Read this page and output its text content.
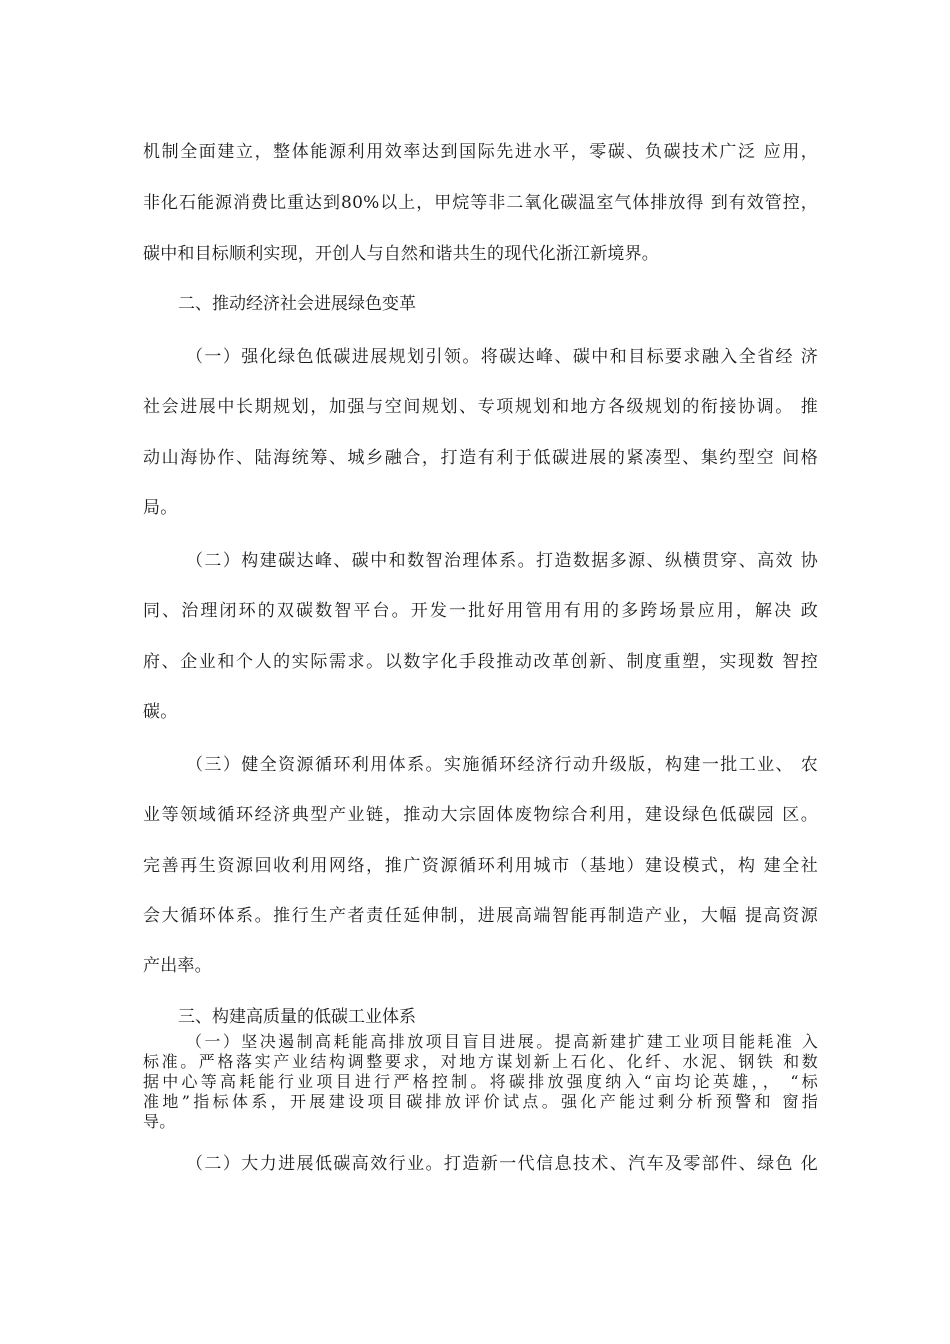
机制全面建立，整体能源利用效率达到国际先进水平，零碳、负碳技术广泛 应用，
非化石能源消费比重达到80%以上，甲烷等非二氧化碳温室气体排放得 到有效管控，
碳中和目标顺利实现，开创人与自然和谐共生的现代化浙江新境界。
二、推动经济社会进展绿色变革
（一）强化绿色低碳进展规划引领。将碳达峰、碳中和目标要求融入全省经 济
社会进展中长期规划，加强与空间规划、专项规划和地方各级规划的衔接协调。 推
动山海协作、陆海统筹、城乡融合，打造有利于低碳进展的紧凑型、集约型空 间格
局。
（二）构建碳达峰、碳中和数智治理体系。打造数据多源、纵横贯穿、高效 协
同、治理闭环的双碳数智平台。开发一批好用管用有用的多跨场景应用，解决 政
府、企业和个人的实际需求。以数字化手段推动改革创新、制度重塑，实现数 智控
碳。
（三）健全资源循环利用体系。实施循环经济行动升级版，构建一批工业、 农
业等领域循环经济典型产业链，推动大宗固体废物综合利用，建设绿色低碳园 区。
完善再生资源回收利用网络，推广资源循环利用城市（基地）建设模式，构 建全社
会大循环体系。推行生产者责任延伸制，进展高端智能再制造产业，大幅 提高资源
产出率。
三、构建高质量的低碳工业体系
（一）坚决遏制高耗能高排放项目盲目进展。提高新建扩建工业项目能耗准 入
标准。严格落实产业结构调整要求，对地方谋划新上石化、化纤、水泥、钢铁 和数
据中心等高耗能行业项目进行严格控制。将碳排放强度纳入“亩均论英雄，， “标
准地”指标体系，开展建设项目碳排放评价试点。强化产能过剩分析预警和 窗指
导。
（二）大力进展低碳高效行业。打造新一代信息技术、汽车及零部件、绿色 化
